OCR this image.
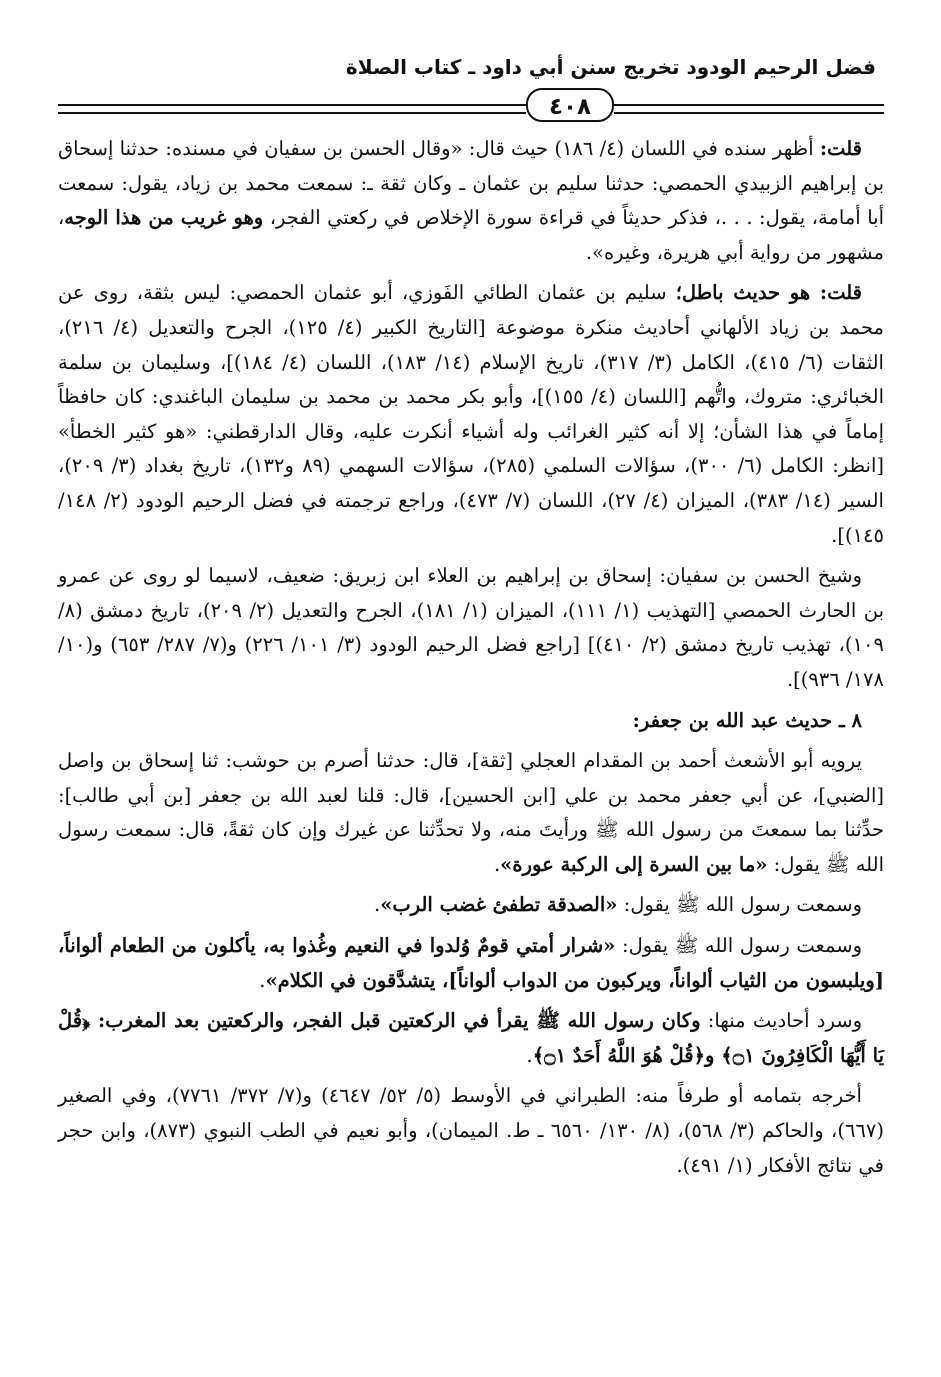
فضل الرحيم الودود تخريج سنن أبي داود ـ كتاب الصلاة
٤٠٨

قلت: أظهر سنده في اللسان (٤/ ١٨٦) حيث قال: «وقال الحسن بن سفيان في مسنده: حدثنا إسحاق بن إبراهيم الزبيدي الحمصي: حدثنا سليم بن عثمان ـ وكان ثقة ـ: سمعت محمد بن زياد، يقول: سمعت أبا أمامة، يقول: . . .، فذكر حديثاً في قراءة سورة الإخلاص في ركعتي الفجر، وهو غريب من هذا الوجه، مشهور من رواية أبي هريرة، وغيره».

قلت: هو حديث باطل؛ سليم بن عثمان الطائي الفَوزي، أبو عثمان الحمصي: ليس بثقة، روى عن محمد بن زياد الألهاني أحاديث منكرة موضوعة [التاريخ الكبير (٤/ ١٢٥)، الجرح والتعديل (٤/ ٢١٦)، الثقات (٦/ ٤١٥)، الكامل (٣/ ٣١٧)، تاريخ الإسلام (١٤/ ١٨٣)، اللسان (٤/ ١٨٤)]، وسليمان بن سلمة الخبائري: متروك، واتُّهم [اللسان (٤/ ١٥٥)]، وأبو بكر محمد بن محمد بن سليمان الباغندي: كان حافظاً إماماً في هذا الشأن؛ إلا أنه كثير الغرائب وله أشياء أنكرت عليه، وقال الدارقطني: «هو كثير الخطأ» [انظر: الكامل (٦/ ٣٠٠)، سؤالات السلمي (٢٨٥)، سؤالات السهمي (٨٩ و١٣٢)، تاريخ بغداد (٣/ ٢٠٩)، السير (١٤/ ٣٨٣)، الميزان (٤/ ٢٧)، اللسان (٧/ ٤٧٣)، وراجع ترجمته في فضل الرحيم الودود (٢/ ١٤٨/ ١٤٥)].

وشيخ الحسن بن سفيان: إسحاق بن إبراهيم بن العلاء ابن زبريق: ضعيف، لاسيما لو روى عن عمرو بن الحارث الحمصي [التهذيب (١/ ١١١)، الميزان (١/ ١٨١)، الجرح والتعديل (٢/ ٢٠٩)، تاريخ دمشق (٨/ ١٠٩)، تهذيب تاريخ دمشق (٢/ ٤١٠)] [راجع فضل الرحيم الودود (٣/ ١٠١/ ٢٢٦) و(٧/ ٢٨٧/ ٦٥٣) و(١٠/ ١٧٨/ ٩٣٦)].

٨ ـ حديث عبد الله بن جعفر:

يرويه أبو الأشعث أحمد بن المقدام العجلي [ثقة]، قال: حدثنا أصرم بن حوشب: ثنا إسحاق بن واصل [الضبي]، عن أبي جعفر محمد بن علي [ابن الحسين]، قال: قلنا لعبد الله بن جعفر [بن أبي طالب]: حدِّثنا بما سمعتَ من رسول الله ﷺ ورأيتَ منه، ولا تحدِّثنا عن غيرك وإن كان ثقةً، قال: سمعت رسول الله ﷺ يقول: «ما بين السرة إلى الركبة عورة».

وسمعت رسول الله ﷺ يقول: «الصدقة تطفئ غضب الرب».

وسمعت رسول الله ﷺ يقول: «شرار أمتي قومٌ وُلدوا في النعيم وغُذوا به، يأكلون من الطعام ألواناً، [ويلبسون من الثياب ألواناً، ويركبون من الدواب ألواناً]، يتشدَّقون في الكلام».

وسرد أحاديث منها: وكان رسول الله ﷺ يقرأ في الركعتين قبل الفجر، والركعتين بعد المغرب: ﴿قُلْ يَا أَيُّهَا الْكَافِرُونَ ۝١﴾ و﴿قُلْ هُوَ اللَّهُ أَحَدٌ ۝١﴾.

أخرجه بتمامه أو طرفاً منه: الطبراني في الأوسط (٥/ ٥٢/ ٤٦٤٧) و(٧/ ٣٧٢/ ٧٧٦١)، وفي الصغير (٦٦٧)، والحاكم (٣/ ٥٦٨)، (٨/ ١٣٠/ ٦٥٦٠ ـ ط. الميمان)، وأبو نعيم في الطب النبوي (٨٧٣)، وابن حجر في نتائج الأفكار (١/ ٤٩١).
